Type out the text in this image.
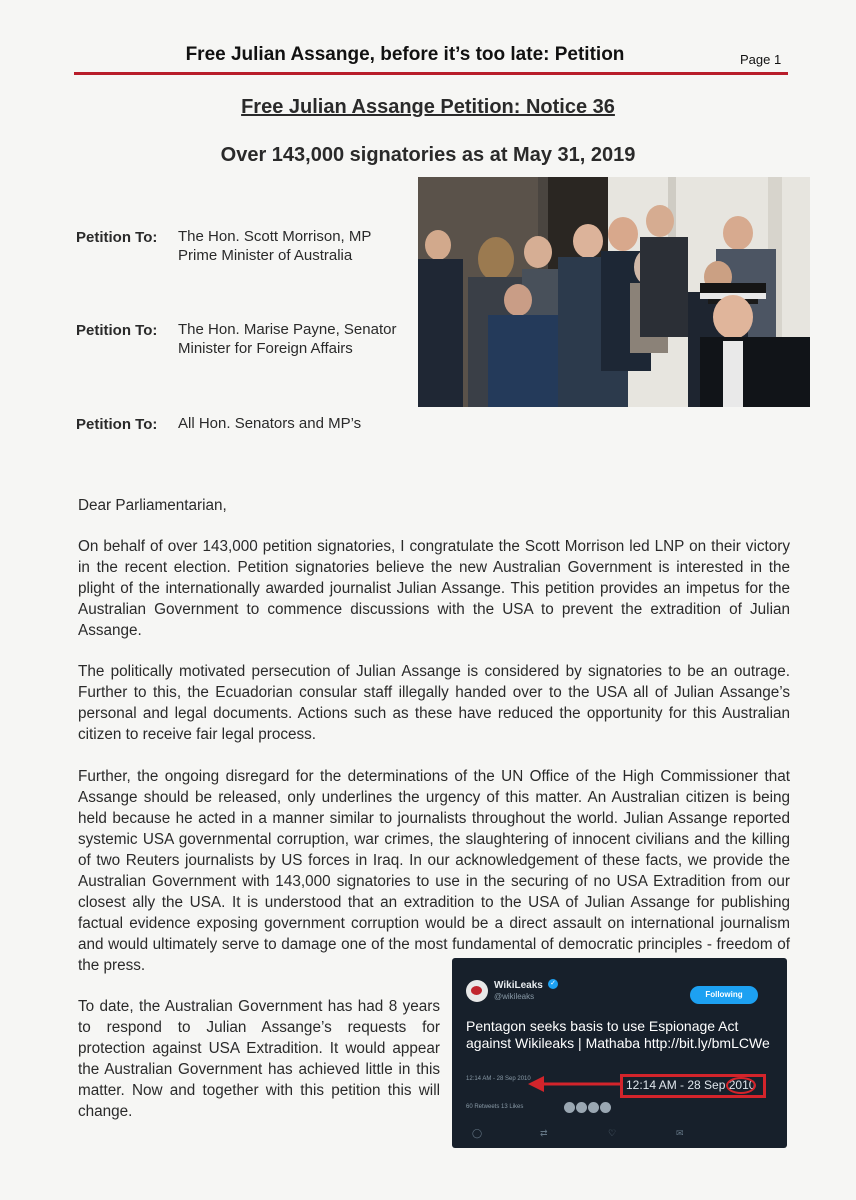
Free Julian Assange, before it’s too late: Petition	Page 1
Free Julian Assange Petition: Notice 36
Over 143,000 signatories as at May 31, 2019
Petition To: The Hon. Scott Morrison, MP
Prime Minister of Australia
Petition To: The Hon. Marise Payne, Senator
Minister for Foreign Affairs
Petition To: All Hon. Senators and MP’s

Dear Parliamentarian,

On behalf of over 143,000 petition signatories, I congratulate the Scott Morrison led LNP on their victory in the recent election. Petition signatories believe the new Australian Government is interested in the plight of the internationally awarded journalist Julian Assange. This petition provides an impetus for the Australian Government to commence discussions with the USA to prevent the extradition of Julian Assange.

The politically motivated persecution of Julian Assange is considered by signatories to be an outrage. Further to this, the Ecuadorian consular staff illegally handed over to the USA all of Julian Assange’s personal and legal documents. Actions such as these have reduced the opportunity for this Australian citizen to receive fair legal process.

Further, the ongoing disregard for the determinations of the UN Office of the High Commissioner that Assange should be released, only underlines the urgency of this matter. An Australian citizen is being held because he acted in a manner similar to journalists throughout the world. Julian Assange reported systemic USA governmental corruption, war crimes, the slaughtering of innocent civilians and the killing of two Reuters journalists by US forces in Iraq. In our acknowledgement of these facts, we provide the Australian Government with 143,000 signatories to use in the securing of no USA Extradition from our closest ally the USA. It is understood that an extradition to the USA of Julian Assange for publishing factual evidence exposing government corruption would be a direct assault on international journalism and would ultimately serve to damage one of the most fundamental of democratic principles - freedom of the press.

To date, the Australian Government has had 8 years to respond to Julian Assange’s requests for protection against USA Extradition. It would appear the Australian Government has achieved little in this matter. Now and together with this petition this will change.

WikiLeaks ✓
@wikileaks	Following
Pentagon seeks basis to use Espionage Act against Wikileaks | Mathaba http://bit.ly/bmLCWe
12:14 AM - 28 Sep 2010	12:14 AM - 28 Sep 2010
60 Retweets 13 Likes
◯	⇄	♡	✉
